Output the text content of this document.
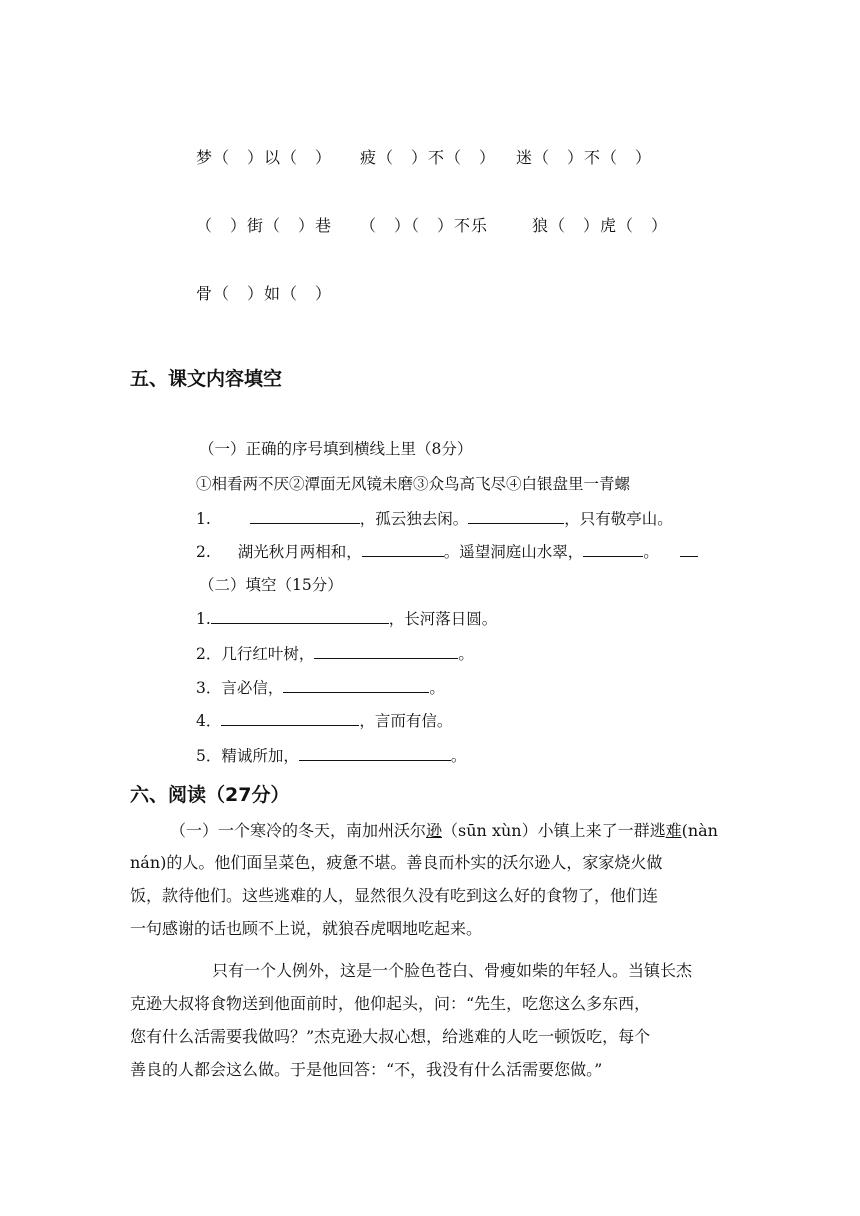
梦（　）以（　） 疲（　）不（　） 迷（　）不（　）
（　）街（　）巷 （　）（　）不乐	狼（　）虎（　）
骨（　）如（　）
五、课文内容填空
（一）正确的序号填到横线上里（8分）
①相看两不厌②潭面无风镜未磨③众鸟高飞尽④白银盘里一青螺
1.	，孤云独去闲。	，只有敬亭山。
2. 湖光秋月两相和，	。遥望洞庭山水翠，	。
（二）填空（15分）
1.	，长河落日圆。
2．几行红叶树，	。
3．言必信，	。
4．	，言而有信。
5．精诚所加，	。
六、阅读（27分）
（一）一个寒冷的冬天，南加州沃尔逊（sūn xùn）小镇上来了一群逃难(nàn
nán)的人。他们面呈菜色，疲惫不堪。善良而朴实的沃尔逊人，家家烧火做
饭，款待他们。这些逃难的人，显然很久没有吃到这么好的食物了，他们连
一句感谢的话也顾不上说，就狼吞虎咽地吃起来。
只有一个人例外，这是一个脸色苍白、骨瘦如柴的年轻人。当镇长杰
克逊大叔将食物送到他面前时，他仰起头，问：“先生，吃您这么多东西，
您有什么活需要我做吗？”杰克逊大叔心想，给逃难的人吃一顿饭吃，每个
善良的人都会这么做。于是他回答：“不，我没有什么活需要您做。”
